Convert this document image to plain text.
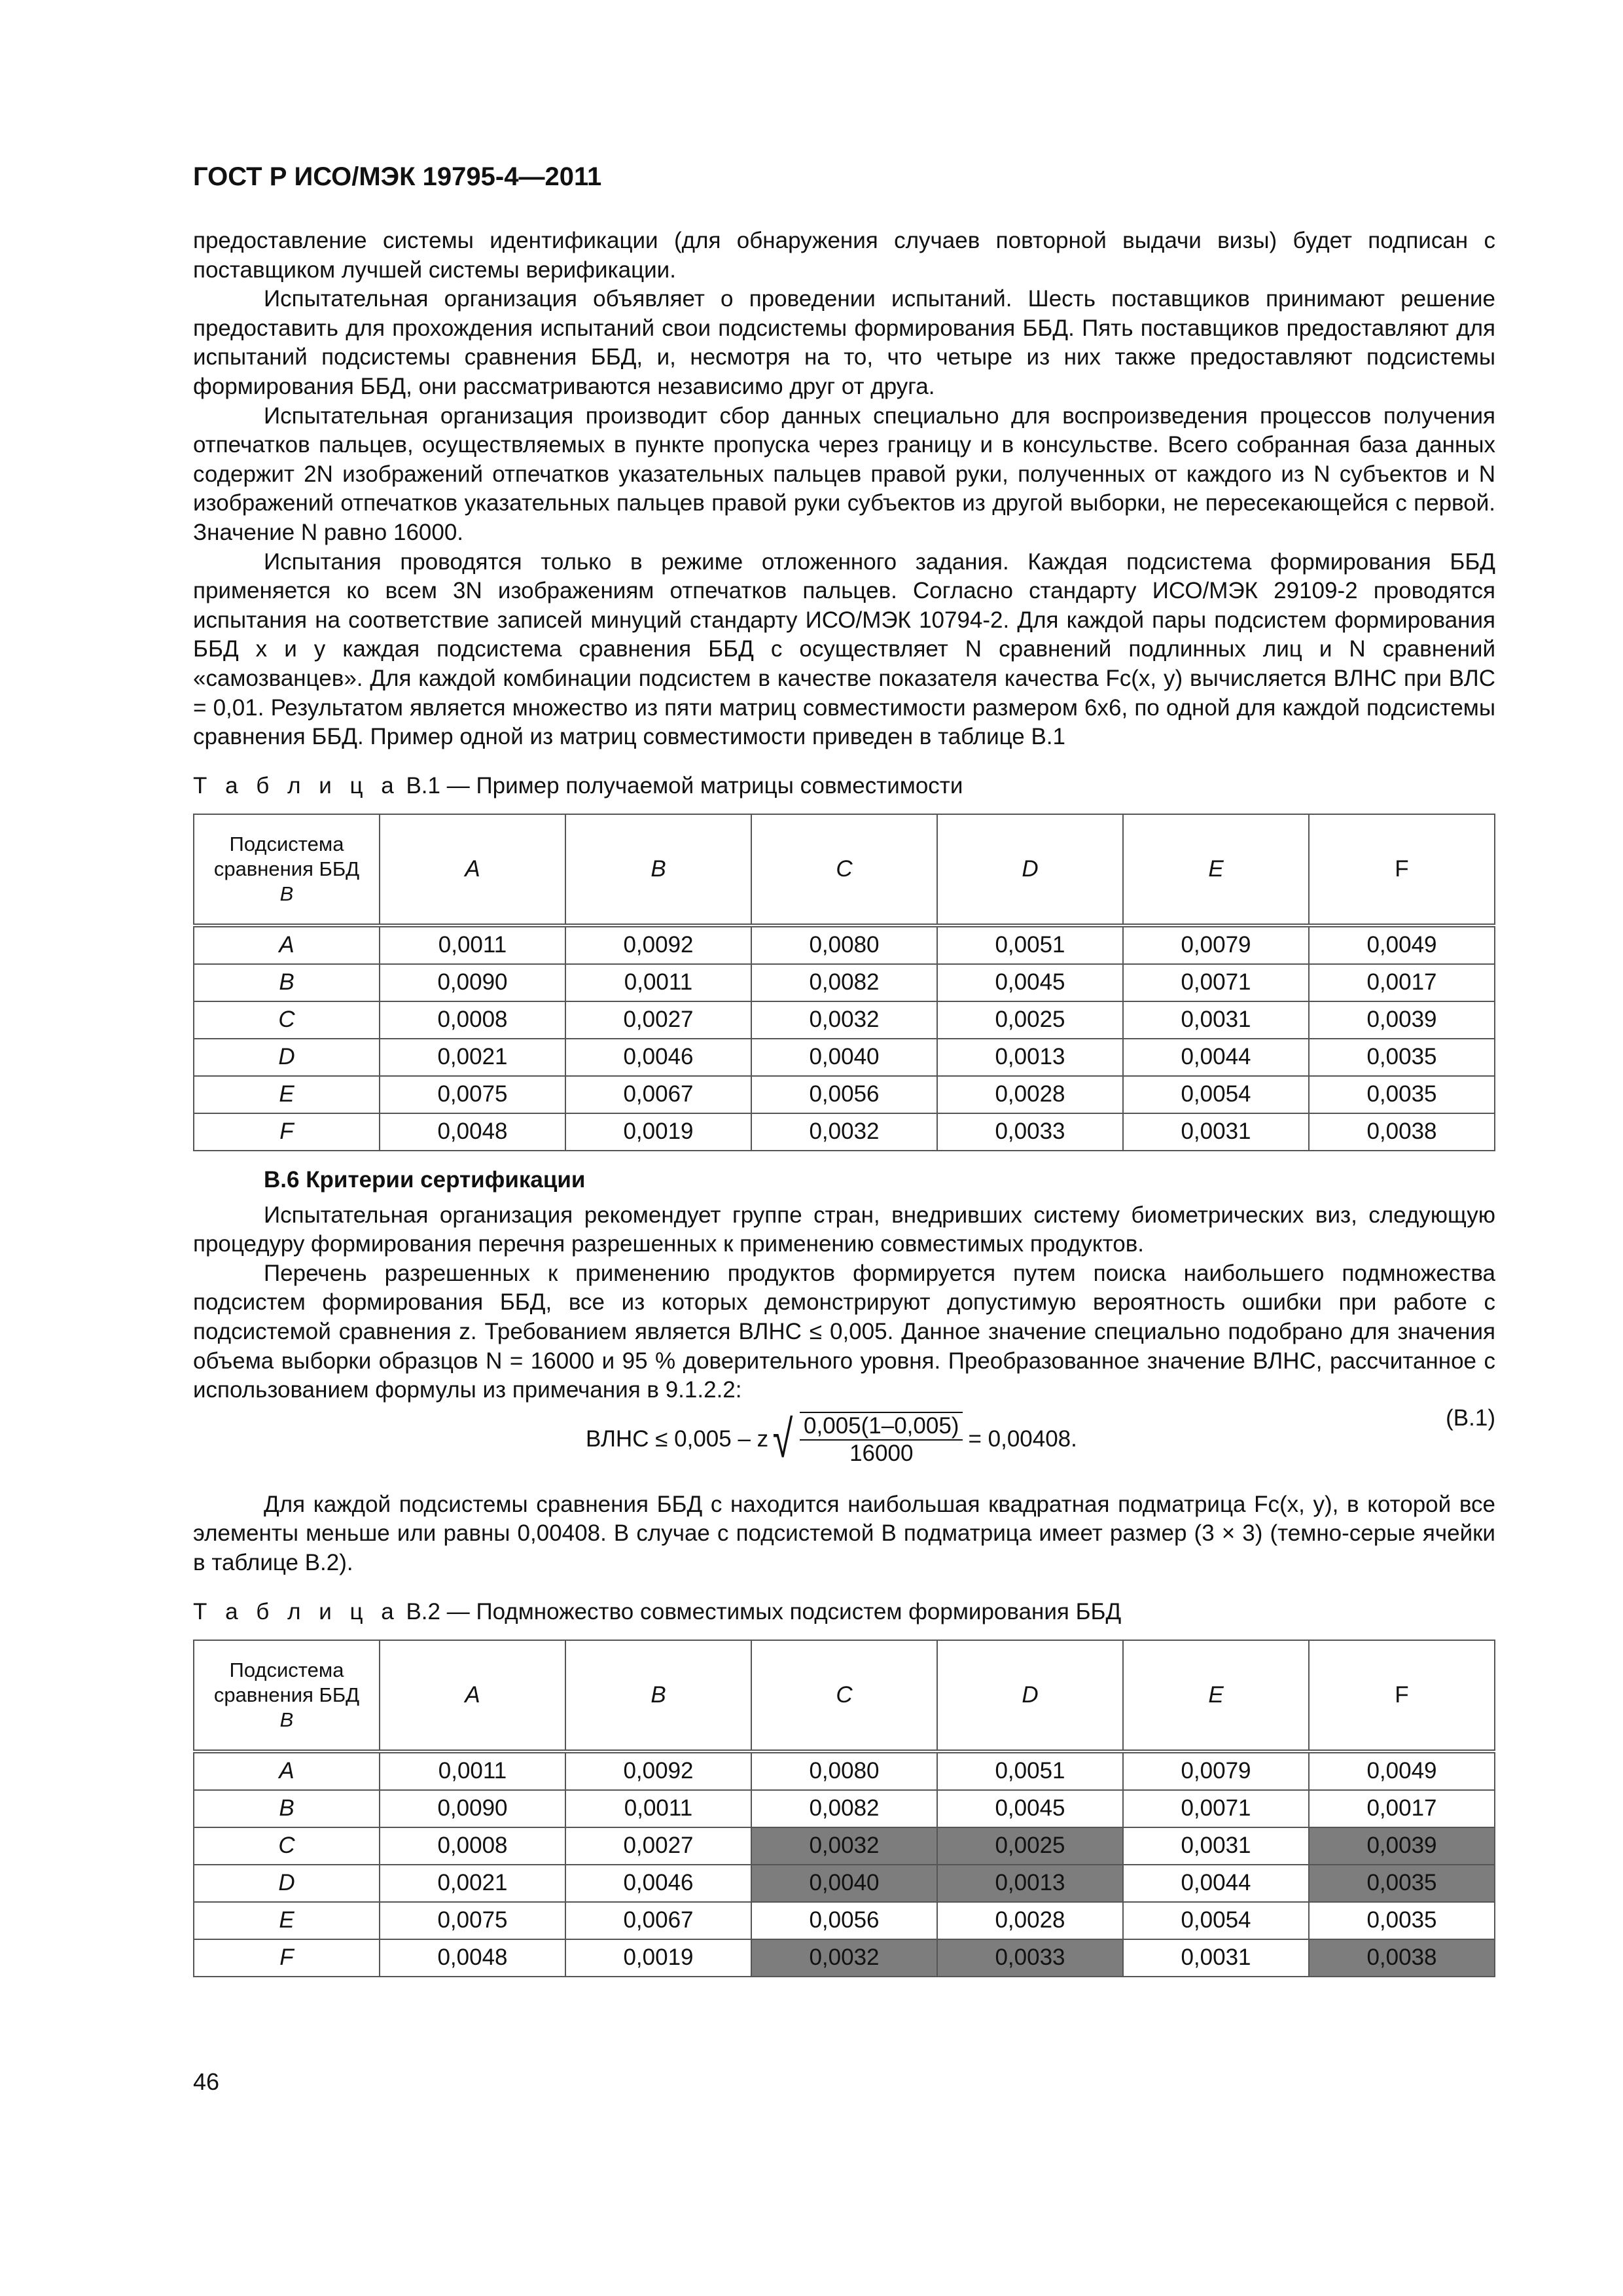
ГОСТ Р ИСО/МЭК 19795-4—2011

предоставление системы идентификации (для обнаружения случаев повторной выдачи визы) будет подписан с поставщиком лучшей системы верификации.

Испытательная организация объявляет о проведении испытаний. Шесть поставщиков принимают решение предоставить для прохождения испытаний свои подсистемы формирования ББД. Пять поставщиков предоставляют для испытаний подсистемы сравнения ББД, и, несмотря на то, что четыре из них также предоставляют подсистемы формирования ББД, они рассматриваются независимо друг от друга.

Испытательная организация производит сбор данных специально для воспроизведения процессов получения отпечатков пальцев, осуществляемых в пункте пропуска через границу и в консульстве. Всего собранная база данных содержит 2N изображений отпечатков указательных пальцев правой руки, полученных от каждого из N субъектов и N изображений отпечатков указательных пальцев правой руки субъектов из другой выборки, не пересекающейся с первой. Значение N равно 16000.

Испытания проводятся только в режиме отложенного задания. Каждая подсистема формирования ББД применяется ко всем 3N изображениям отпечатков пальцев. Согласно стандарту ИСО/МЭК 29109-2 проводятся испытания на соответствие записей минуций стандарту ИСО/МЭК 10794-2. Для каждой пары подсистем формирования ББД x и y каждая подсистема сравнения ББД c осуществляет N сравнений подлинных лиц и N сравнений «самозванцев». Для каждой комбинации подсистем в качестве показателя качества Fc(x, y) вычисляется ВЛНС при ВЛС = 0,01. Результатом является множество из пяти матриц совместимости размером 6х6, по одной для каждой подсистемы сравнения ББД. Пример одной из матриц совместимости приведен в таблице В.1

Т а б л и ц а В.1 — Пример получаемой матрицы совместимости
Подсистема
сравнения ББД
B	A	B	C	D	E	F
A	0,0011	0,0092	0,0080	0,0051	0,0079	0,0049
B	0,0090	0,0011	0,0082	0,0045	0,0071	0,0017
C	0,0008	0,0027	0,0032	0,0025	0,0031	0,0039
D	0,0021	0,0046	0,0040	0,0013	0,0044	0,0035
E	0,0075	0,0067	0,0056	0,0028	0,0054	0,0035
F	0,0048	0,0019	0,0032	0,0033	0,0031	0,0038
В.6 Критерии сертификации

Испытательная организация рекомендует группе стран, внедривших систему биометрических виз, следующую процедуру формирования перечня разрешенных к применению совместимых продуктов.

Перечень разрешенных к применению продуктов формируется путем поиска наибольшего подмножества подсистем формирования ББД, все из которых демонстрируют допустимую вероятность ошибки при работе с подсистемой сравнения z. Требованием является ВЛНС ≤ 0,005. Данное значение специально подобрано для значения объема выборки образцов N = 16000 и 95 % доверительного уровня. Преобразованное значение ВЛНС, рассчитанное с использованием формулы из примечания в 9.1.2.2:

ВЛНС ≤ 0,005 – z √ $\frac{0,005(1-0,005)}{16000} = 0,00408$.
(В.1)

Для каждой подсистемы сравнения ББД c находится наибольшая квадратная подматрица Fc(x, y), в которой все элементы меньше или равны 0,00408. В случае с подсистемой B подматрица имеет размер (3 × 3) (темно-серые ячейки в таблице В.2).

Т а б л и ц а В.2 — Подмножество совместимых подсистем формирования ББД
Подсистема
сравнения ББД
B	A	B	C	D	E	F
A	0,0011	0,0092	0,0080	0,0051	0,0079	0,0049
B	0,0090	0,0011	0,0082	0,0045	0,0071	0,0017
C	0,0008	0,0027	0,0032	0,0025	0,0031	0,0039
D	0,0021	0,0046	0,0040	0,0013	0,0044	0,0035
E	0,0075	0,0067	0,0056	0,0028	0,0054	0,0035
F	0,0048	0,0019	0,0032	0,0033	0,0031	0,0038
46
